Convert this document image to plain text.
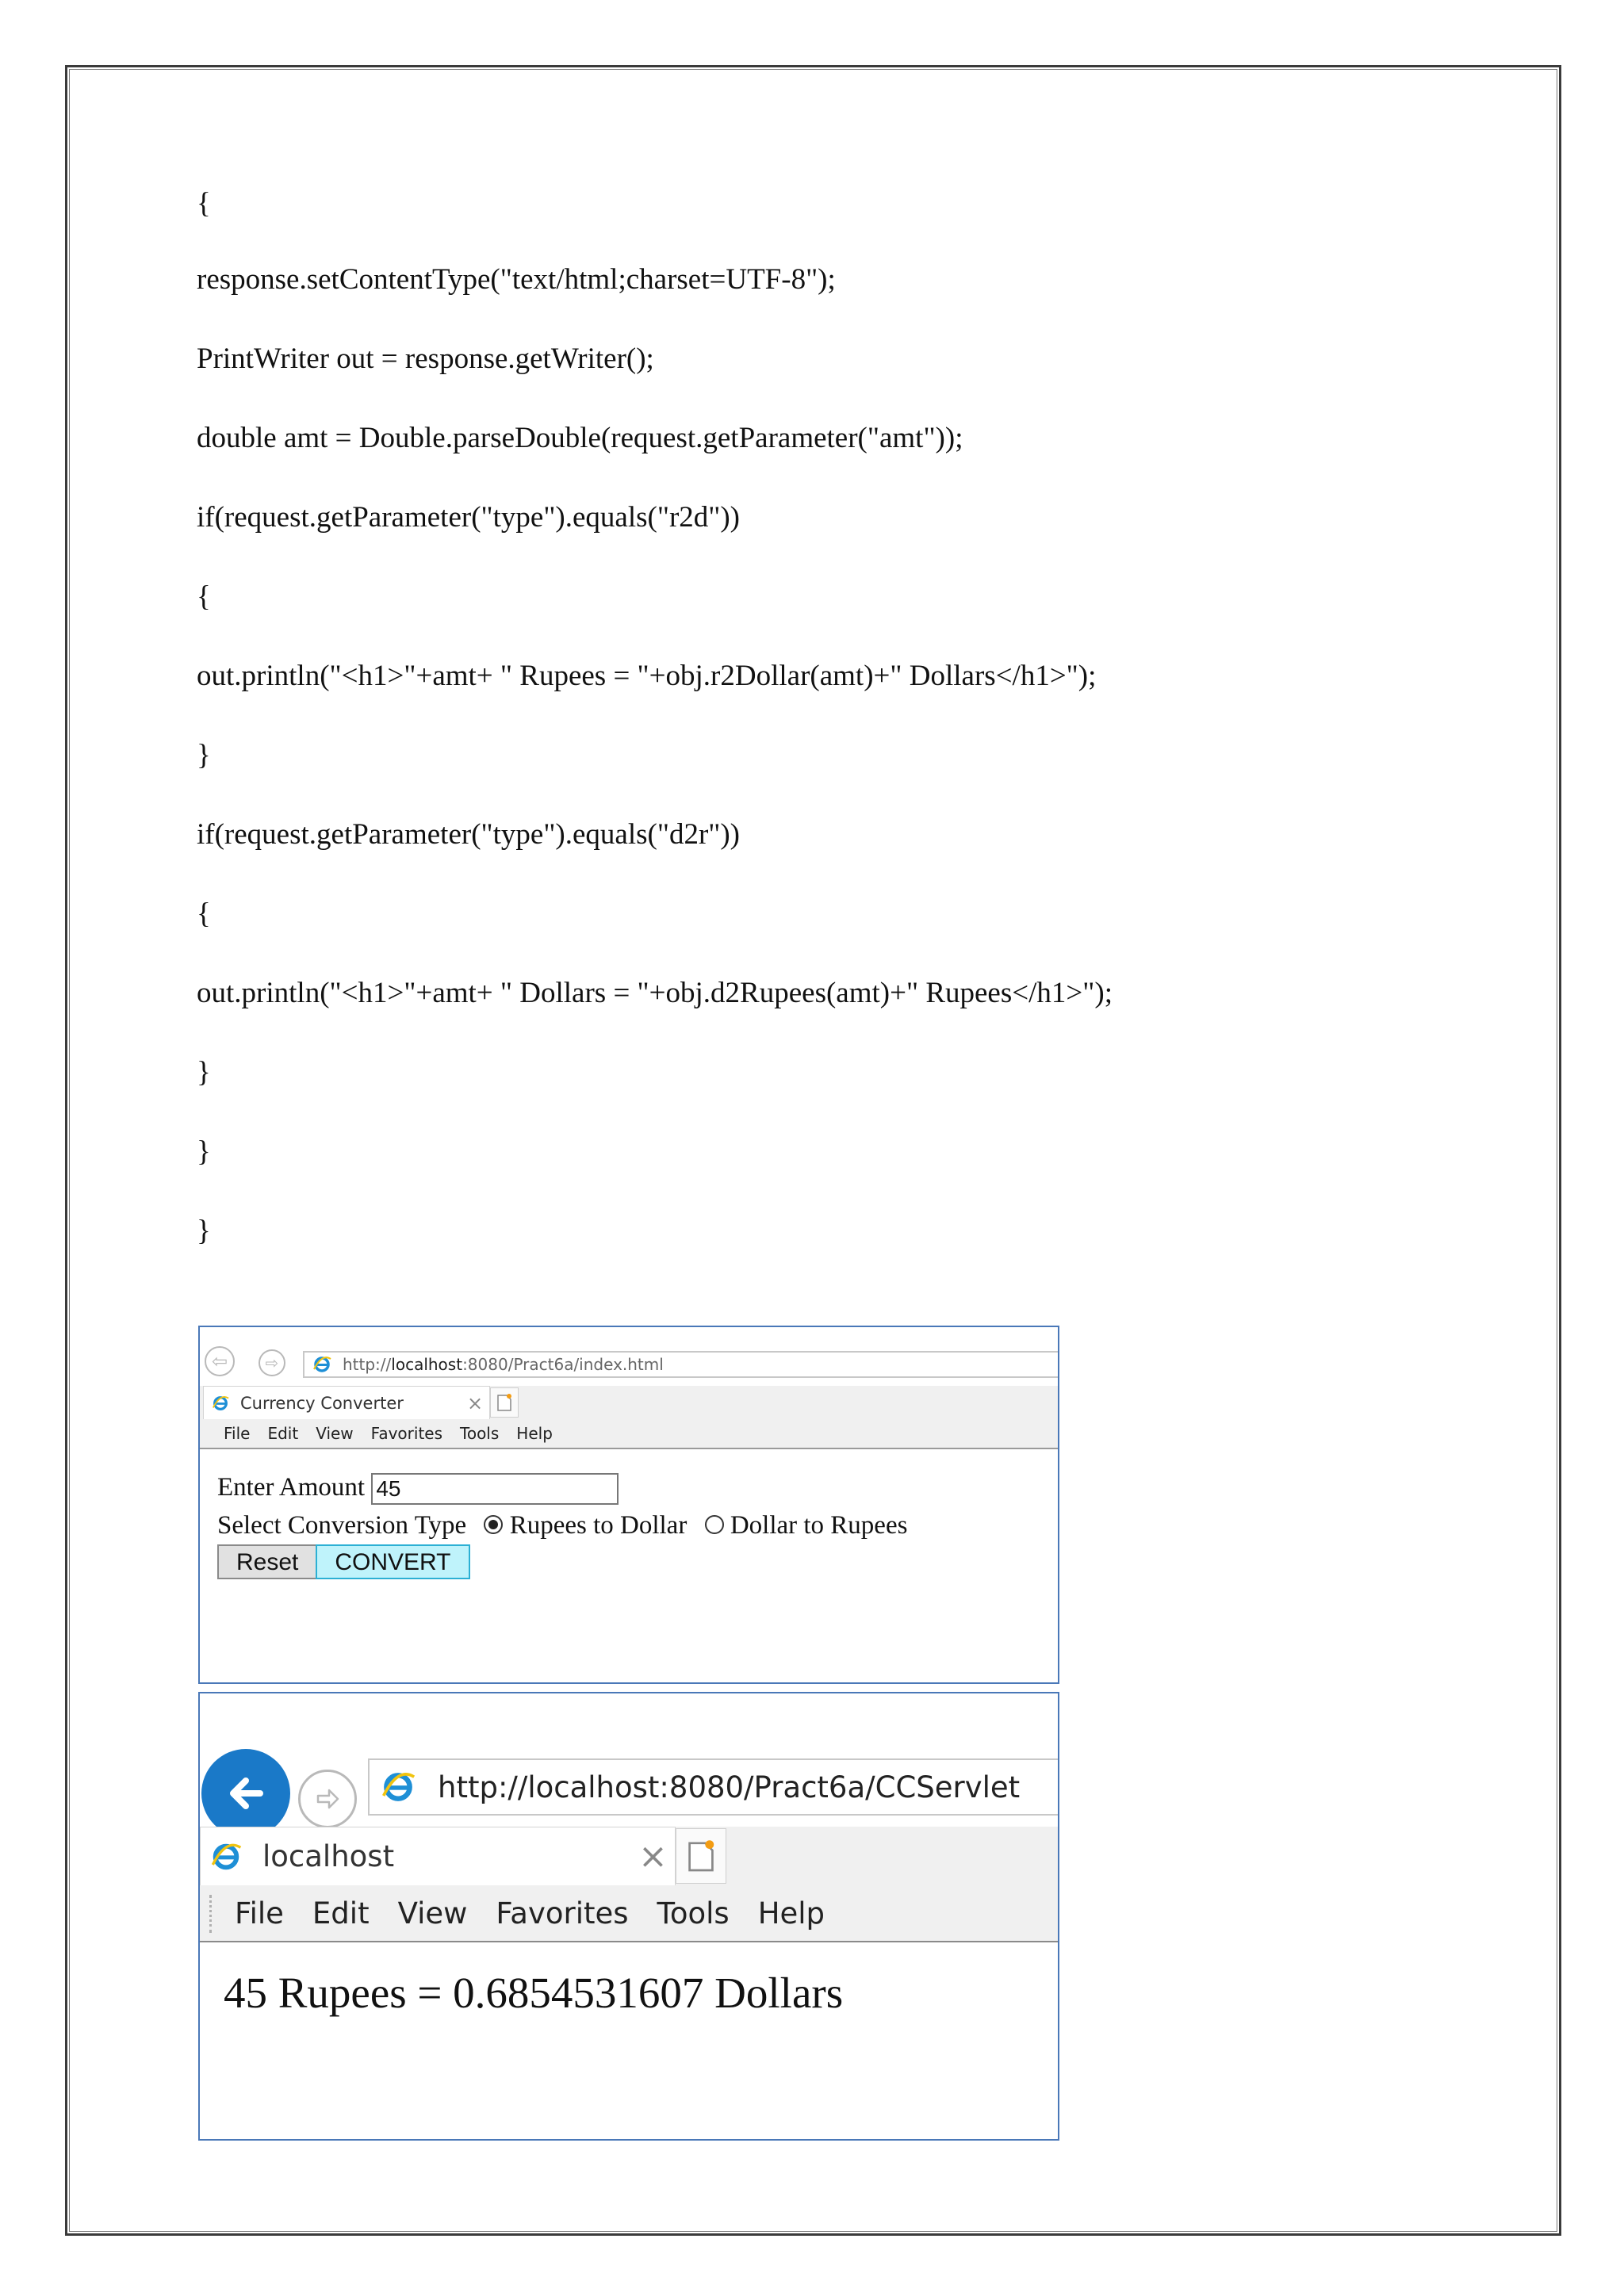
{
response.setContentType("text/html;charset=UTF-8");
PrintWriter out = response.getWriter();
double amt = Double.parseDouble(request.getParameter("amt"));
if(request.getParameter("type").equals("r2d"))
{
out.println("<h1>"+amt+ " Rupees = "+obj.r2Dollar(amt)+" Dollars</h1>");
}
if(request.getParameter("type").equals("d2r"))
{
out.println("<h1>"+amt+ " Dollars = "+obj.d2Rupees(amt)+" Rupees</h1>");
}
}
}
⇦ ⇨	http:// localhost :8080/Pract6a/index.html
Currency Converter	×
File Edit View Favorites Tools Help
Enter Amount 45
Select Conversion Type Rupees to Dollar Dollar to Rupees
Reset CONVERT
http://localhost:8080/Pract6a/CCServlet
localhost	×
File Edit View Favorites Tools Help
45 Rupees = 0.6854531607 Dollars
